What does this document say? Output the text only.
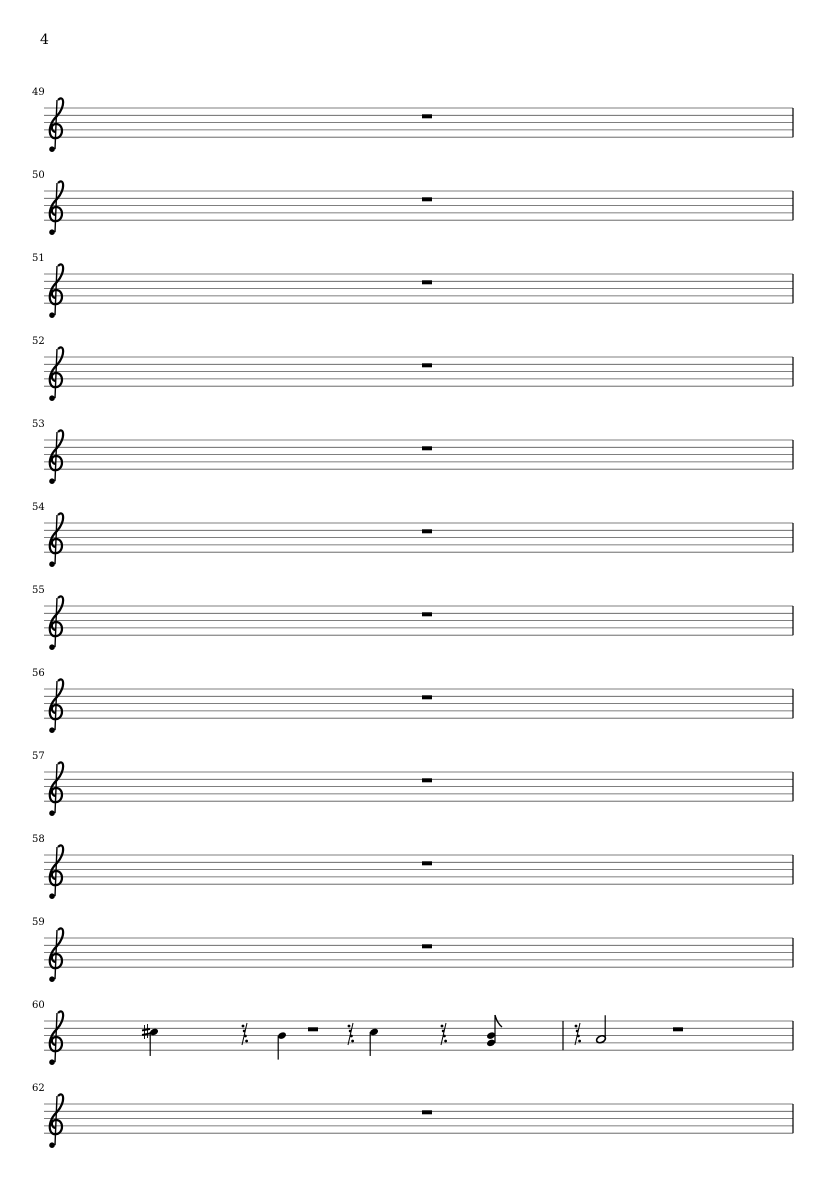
4
49
50
51
52
53
54
55
56
57
58
59
60
62
